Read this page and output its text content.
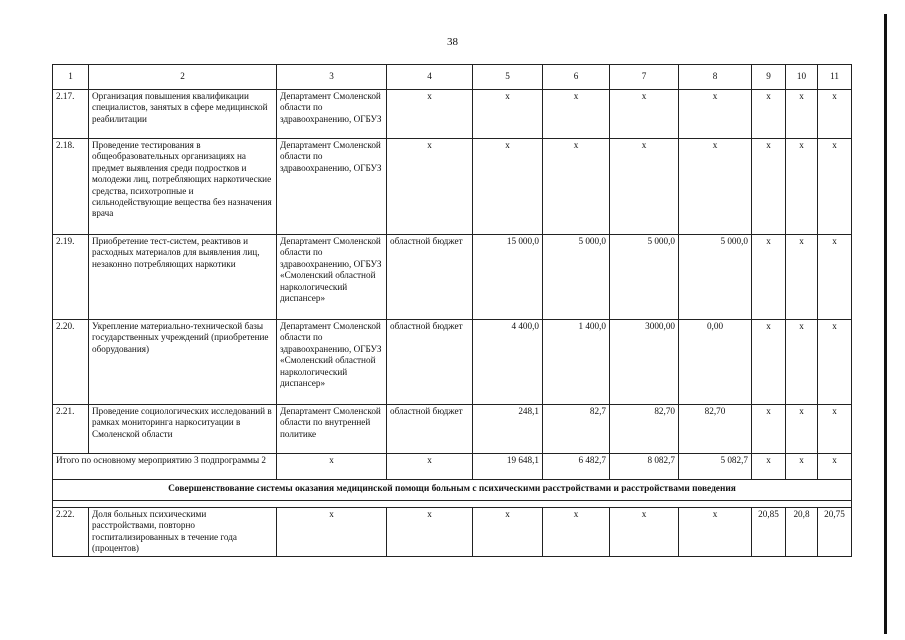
38
1	2	3	4	5	6	7	8	9	10	11
2.17.	Организация повышения квалификации специалистов, занятых в сфере медицинской реабилитации	Департамент Смоленской области по здравоохранению, ОГБУЗ	х	х	х	х	х	х	х	х
2.18.	Проведение тестирования в общеобразовательных организациях на предмет выявления среди подростков и молодежи лиц, потребляющих наркотические средства, психотропные и сильнодействующие вещества без назначения врача	Департамент Смоленской области по здравоохранению, ОГБУЗ	х	х	х	х	х	х	х	х
2.19.	Приобретение тест-систем, реактивов и расходных материалов для выявления лиц, незаконно потребляющих наркотики	Департамент Смоленской области по здравоохранению, ОГБУЗ «Смоленский областной наркологический диспансер»	областной бюджет	15 000,0	5 000,0	5 000,0	5 000,0	х	х	х
2.20.	Укрепление материально-технической базы государственных учреждений (приобретение оборудования)	Департамент Смоленской области по здравоохранению, ОГБУЗ «Смоленский областной наркологический диспансер»	областной бюджет	4 400,0	1 400,0	3000,00	0,00	х	х	х
2.21.	Проведение социологических исследований в рамках мониторинга наркоситуации в Смоленской области	Департамент Смоленской области по внутренней политике	областной бюджет	248,1	82,7	82,70	82,70	х	х	х
Итого по основному мероприятию 3 подпрограммы 2		х	х	19 648,1	6 482,7	8 082,7	5 082,7	х	х	х
Совершенствование системы оказания медицинской помощи больным с психическими расстройствами и расстройствами поведения										

2.22.	Доля больных психическими расстройствами, повторно госпитализированных в течение года (процентов)	х	х	х	х	х	х	20,85	20,8	20,75
